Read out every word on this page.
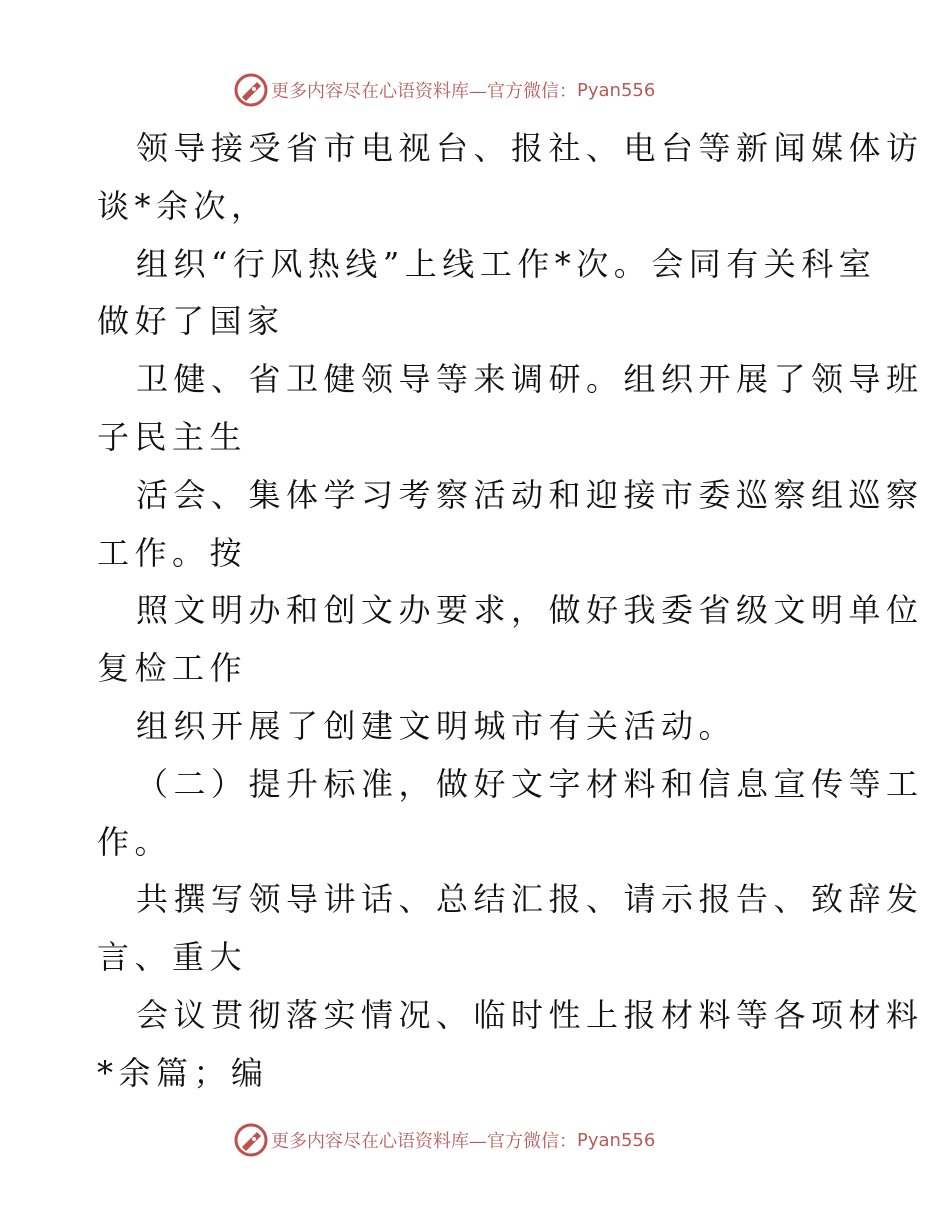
更多内容尽在心语资料库—官方微信： Pyan556
领导接受省市电视台、报社、电台等新闻媒体访
谈*余次，
组织“行风热线”上线工作*次。会同有关科室
做好了国家
卫健、省卫健领导等来调研。组织开展了领导班
子民主生
活会、集体学习考察活动和迎接市委巡察组巡察
工作。按
照文明办和创文办要求，做好我委省级文明单位
复检工作
组织开展了创建文明城市有关活动。
（二）提升标准，做好文字材料和信息宣传等工
作。
共撰写领导讲话、总结汇报、请示报告、致辞发
言、重大
会议贯彻落实情况、临时性上报材料等各项材料
*余篇；编
更多内容尽在心语资料库—官方微信： Pyan556
